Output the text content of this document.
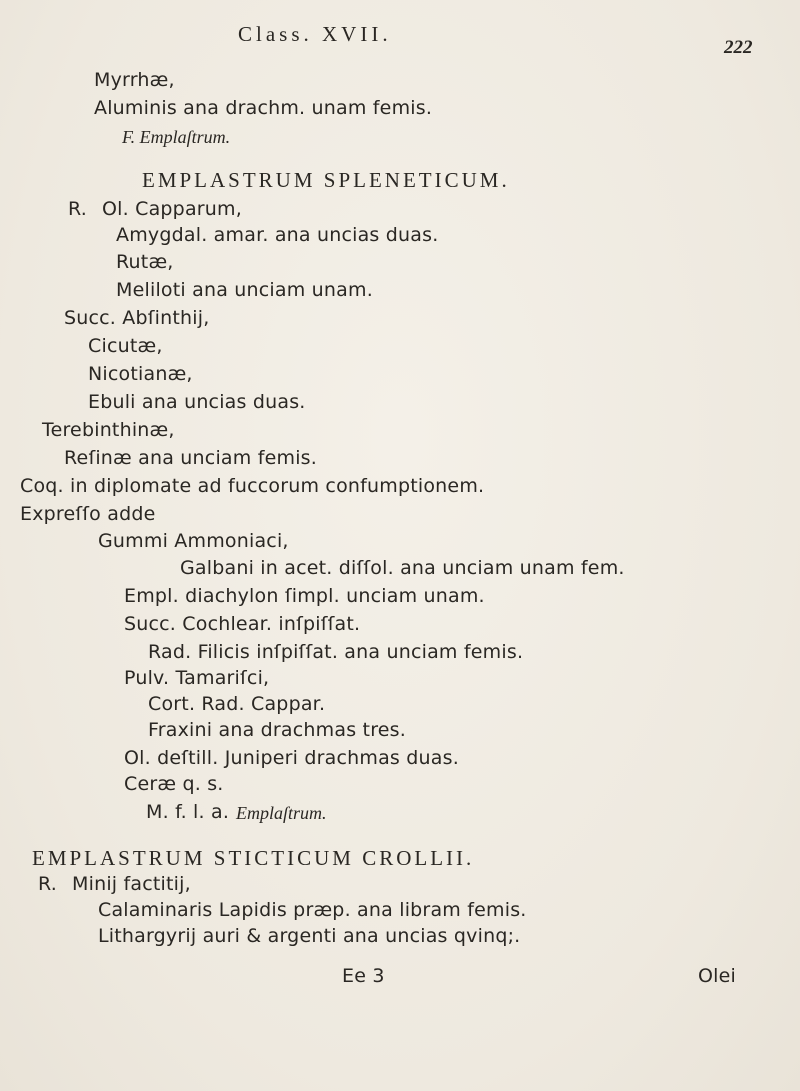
Class. XVII.
222
Myrrhæ,
Aluminis ana drachm. unam femis.
F. Emplaſtrum.
EMPLASTRUM SPLENETICUM.
R. Ol. Capparum,
Amygdal. amar. ana uncias duas.
Rutæ,
Meliloti ana unciam unam.
Succ. Abſinthij,
Cicutæ,
Nicotianæ,
Ebuli ana uncias duas.
Terebinthinæ,
Reſinæ ana unciam femis.
Coq. in diplomate ad fuccorum confumptionem.
Expreſſo adde
Gummi Ammoniaci,
Galbani in acet. diſſol. ana unciam unam fem.
Empl. diachylon ſimpl. unciam unam.
Succ. Cochlear. inſpiſſat.
Rad. Filicis inſpiſſat. ana unciam femis.
Pulv. Tamariſci,
Cort. Rad. Cappar.
Fraxini ana drachmas tres.
Ol. deſtill. Juniperi drachmas duas.
Ceræ q. s.
M. f. l. a. Emplaſtrum.
EMPLASTRUM STICTICUM CROLLII.
R. Minij factitij,
Calaminaris Lapidis præp. ana libram femis.
Lithargyrij auri & argenti ana uncias qvinq;.
Ee 3	Olei
